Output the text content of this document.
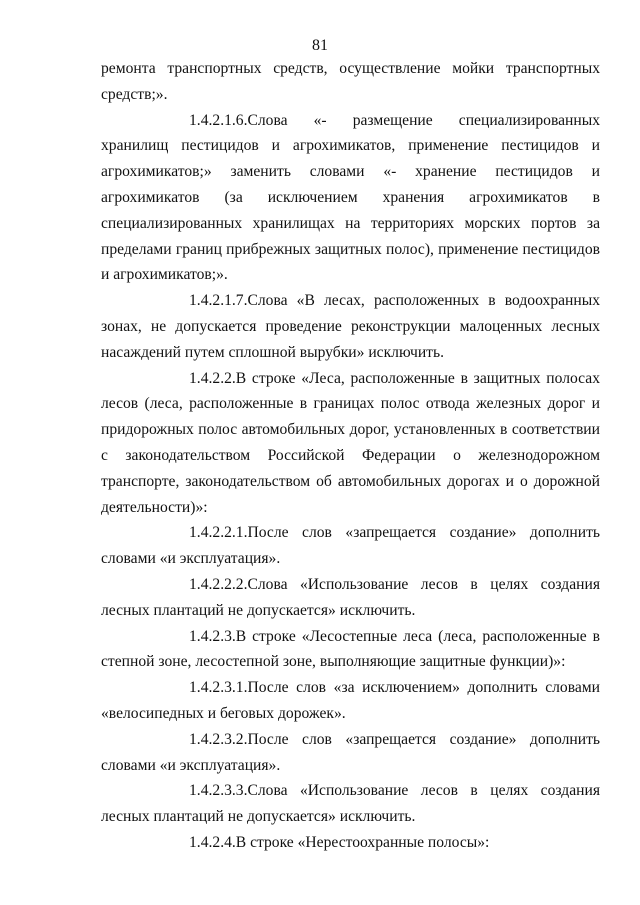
81

ремонта транспортных средств, осуществление мойки транспортных средств;».

1.4.2.1.6.Слова «- размещение специализированных хранилищ пестицидов и агрохимикатов, применение пестицидов и агрохимикатов;» заменить словами «- хранение пестицидов и агрохимикатов (за исключением хранения агрохимикатов в специализированных хранилищах на территориях морских портов за пределами границ прибрежных защитных полос), применение пестицидов и агрохимикатов;».

1.4.2.1.7.Слова «В лесах, расположенных в водоохранных зонах, не допускается проведение реконструкции малоценных лесных насаждений путем сплошной вырубки» исключить.

1.4.2.2.В строке «Леса, расположенные в защитных полосах лесов (леса, расположенные в границах полос отвода железных дорог и придорожных полос автомобильных дорог, установленных в соответствии с законодательством Российской Федерации о железнодорожном транспорте, законодательством об автомобильных дорогах и о дорожной деятельности)»:

1.4.2.2.1.После слов «запрещается создание» дополнить словами «и эксплуатация».

1.4.2.2.2.Слова «Использование лесов в целях создания лесных плантаций не допускается» исключить.

1.4.2.3.В строке «Лесостепные леса (леса, расположенные в степной зоне, лесостепной зоне, выполняющие защитные функции)»:

1.4.2.3.1.После слов «за исключением» дополнить словами «велосипедных и беговых дорожек».

1.4.2.3.2.После слов «запрещается создание» дополнить словами «и эксплуатация».

1.4.2.3.3.Слова «Использование лесов в целях создания лесных плантаций не допускается» исключить.

1.4.2.4.В строке «Нерестоохранные полосы»:
